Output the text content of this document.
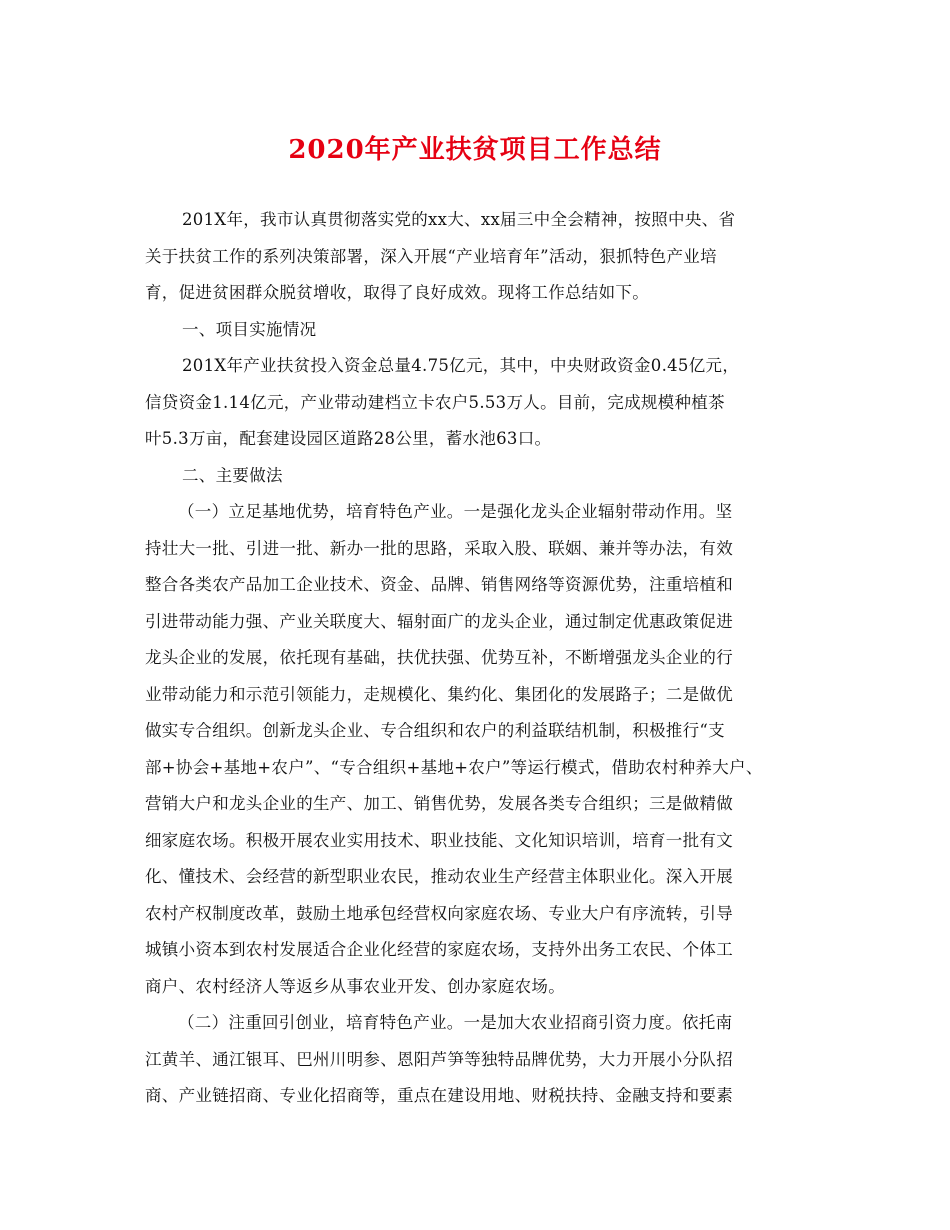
2020年产业扶贫项目工作总结
201X年，我市认真贯彻落实党的xx大、xx届三中全会精神，按照中央、省
关于扶贫工作的系列决策部署，深入开展“产业培育年”活动，狠抓特色产业培
育，促进贫困群众脱贫增收，取得了良好成效。现将工作总结如下。
一、项目实施情况
201X年产业扶贫投入资金总量4.75亿元，其中，中央财政资金0.45亿元，
信贷资金1.14亿元，产业带动建档立卡农户5.53万人。目前，完成规模种植茶
叶5.3万亩，配套建设园区道路28公里，蓄水池63口。
二、主要做法
（一）立足基地优势，培育特色产业。一是强化龙头企业辐射带动作用。坚
持壮大一批、引进一批、新办一批的思路，采取入股、联姻、兼并等办法，有效
整合各类农产品加工企业技术、资金、品牌、销售网络等资源优势，注重培植和
引进带动能力强、产业关联度大、辐射面广的龙头企业，通过制定优惠政策促进
龙头企业的发展，依托现有基础，扶优扶强、优势互补，不断增强龙头企业的行
业带动能力和示范引领能力，走规模化、集约化、集团化的发展路子；二是做优
做实专合组织。创新龙头企业、专合组织和农户的利益联结机制，积极推行“支
部+协会+基地+农户”、“专合组织+基地+农户”等运行模式，借助农村种养大户、
营销大户和龙头企业的生产、加工、销售优势，发展各类专合组织；三是做精做
细家庭农场。积极开展农业实用技术、职业技能、文化知识培训，培育一批有文
化、懂技术、会经营的新型职业农民，推动农业生产经营主体职业化。深入开展
农村产权制度改革，鼓励土地承包经营权向家庭农场、专业大户有序流转，引导
城镇小资本到农村发展适合企业化经营的家庭农场，支持外出务工农民、个体工
商户、农村经济人等返乡从事农业开发、创办家庭农场。
（二）注重回引创业，培育特色产业。一是加大农业招商引资力度。依托南
江黄羊、通江银耳、巴州川明参、恩阳芦笋等独特品牌优势，大力开展小分队招
商、产业链招商、专业化招商等，重点在建设用地、财税扶持、金融支持和要素
